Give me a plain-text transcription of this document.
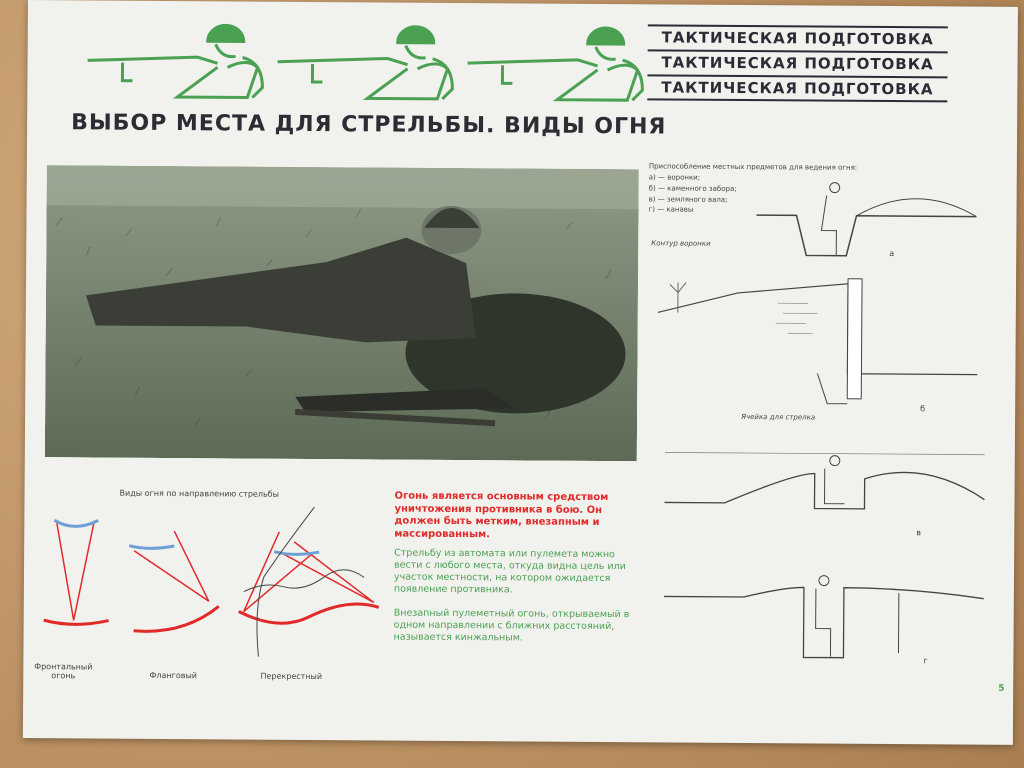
ТАКТИЧЕСКАЯ ПОДГОТОВКА
ТАКТИЧЕСКАЯ ПОДГОТОВКА
ТАКТИЧЕСКАЯ ПОДГОТОВКА
ВЫБОР МЕСТА ДЛЯ СТРЕЛЬБЫ. ВИДЫ ОГНЯ
Приспособление местных предметов для ведения огня:
а) — воронки;
б) — каменного забора;
в) — земляного вала;
г) — канавы
Контур воронки
а
Ячейка для стрелка
б
в
г
Виды огня по направлению стрельбы
Фронтальный
огонь	Фланговый	Перекрестный
Огонь является основным средством уничтожения противника в бою. Он должен быть метким, внезапным и массированным.
Стрельбу из автомата или пулемета можно вести с любого места, откуда видна цель или участок местности, на котором ожидается появление противника.
Внезапный пулеметный огонь, открываемый в одном направлении с ближних расстояний, называется кинжальным.
5
